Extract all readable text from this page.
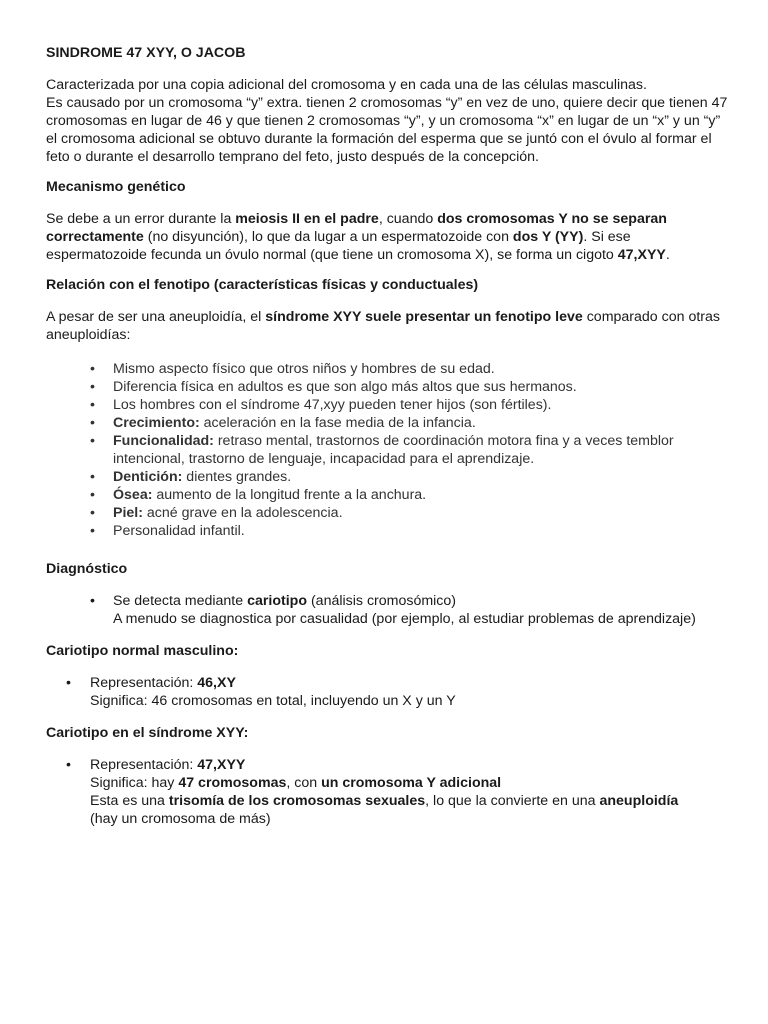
SINDROME 47 XYY, O JACOB

Caracterizada por una copia adicional del cromosoma y en cada una de las células masculinas.

Es causado por un cromosoma “y” extra. tienen 2 cromosomas “y” en vez de uno, quiere decir que tienen 47 cromosomas en lugar de 46 y que tienen 2 cromosomas “y”, y un cromosoma “x” en lugar de un “x” y un “y”

el cromosoma adicional se obtuvo durante la formación del esperma que se juntó con el óvulo al formar el feto o durante el desarrollo temprano del feto, justo después de la concepción.

Mecanismo genético

Se debe a un error durante la meiosis II en el padre, cuando dos cromosomas Y no se separan correctamente (no disyunción), lo que da lugar a un espermatozoide con dos Y (YY). Si ese espermatozoide fecunda un óvulo normal (que tiene un cromosoma X), se forma un cigoto 47,XYY.

Relación con el fenotipo (características físicas y conductuales)

A pesar de ser una aneuploidía, el síndrome XYY suele presentar un fenotipo leve comparado con otras aneuploidías:

• Mismo aspecto físico que otros niños y hombres de su edad.
• Diferencia física en adultos es que son algo más altos que sus hermanos.
• Los hombres con el síndrome 47,xyy pueden tener hijos (son fértiles).
• Crecimiento: aceleración en la fase media de la infancia.
• Funcionalidad: retraso mental, trastornos de coordinación motora fina y a veces temblor intencional, trastorno de lenguaje, incapacidad para el aprendizaje.
• Dentición: dientes grandes.
• Ósea: aumento de la longitud frente a la anchura.
• Piel: acné grave en la adolescencia.
• Personalidad infantil.
Diagnóstico
• Se detecta mediante cariotipo (análisis cromosómico)
A menudo se diagnostica por casualidad (por ejemplo, al estudiar problemas de aprendizaje)
Cariotipo normal masculino:
• Representación: 46,XY
Significa: 46 cromosomas en total, incluyendo un X y un Y
Cariotipo en el síndrome XYY:
• Representación: 47,XYY
Significa: hay 47 cromosomas, con un cromosoma Y adicional
Esta es una trisomía de los cromosomas sexuales, lo que la convierte en una aneuploidía
(hay un cromosoma de más)
